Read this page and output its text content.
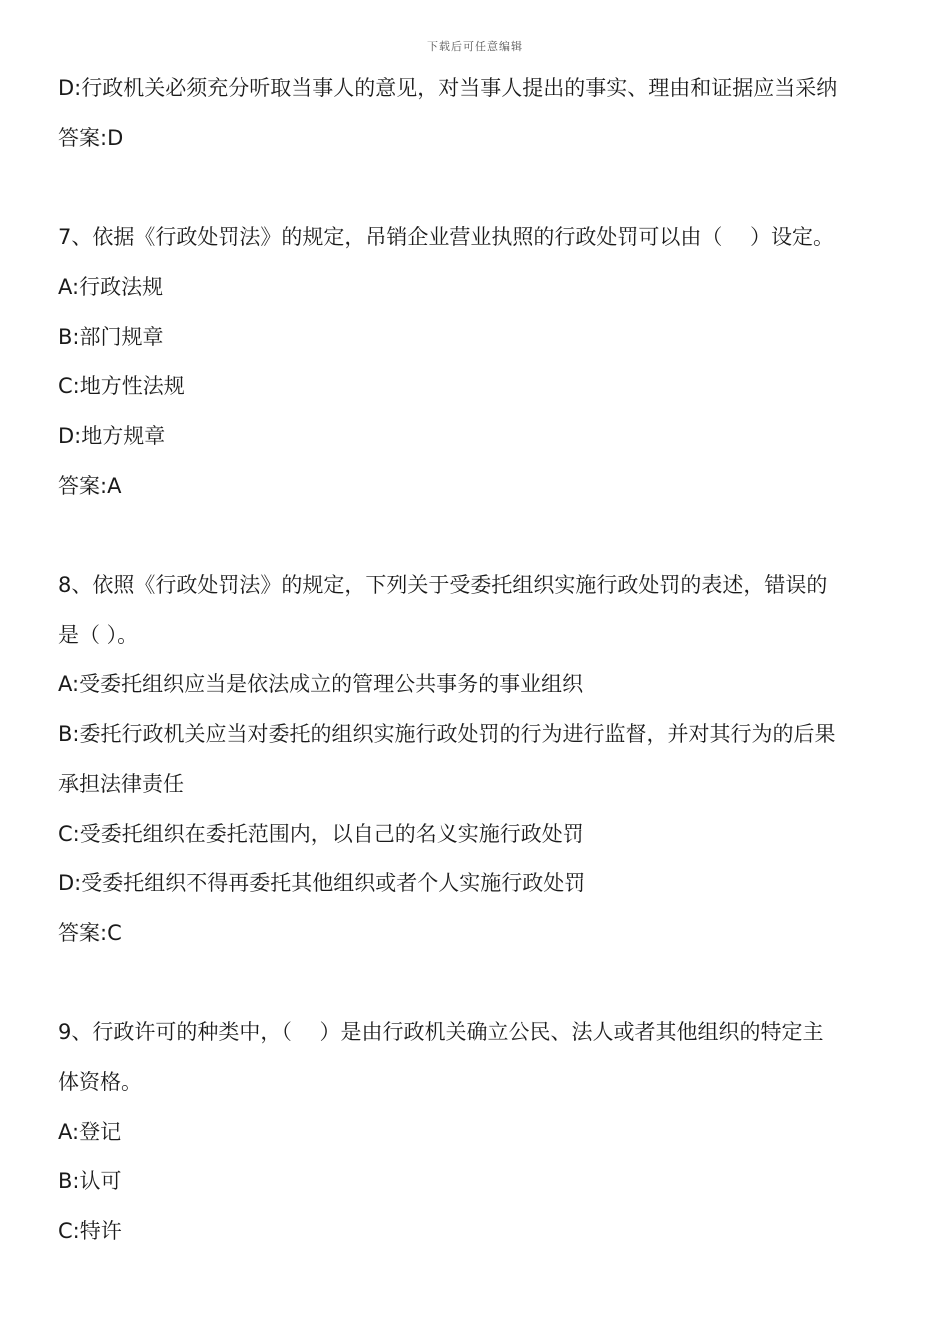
下载后可任意编辑

D:行政机关必须充分听取当事人的意见，对当事人提出的事实、理由和证据应当采纳

答案:D

7、依据《行政处罚法》的规定，吊销企业营业执照的行政处罚可以由（　 ）设定。

A:行政法规

B:部门规章

C:地方性法规

D:地方规章

答案:A

8、依照《行政处罚法》的规定，下列关于受委托组织实施行政处罚的表述，错误的

是（ ）。

A:受委托组织应当是依法成立的管理公共事务的事业组织

B:委托行政机关应当对委托的组织实施行政处罚的行为进行监督，并对其行为的后果

承担法律责任

C:受委托组织在委托范围内，以自己的名义实施行政处罚

D:受委托组织不得再委托其他组织或者个人实施行政处罚

答案:C

9、行政许可的种类中，（　 ）是由行政机关确立公民、法人或者其他组织的特定主

体资格。

A:登记

B:认可

C:特许
